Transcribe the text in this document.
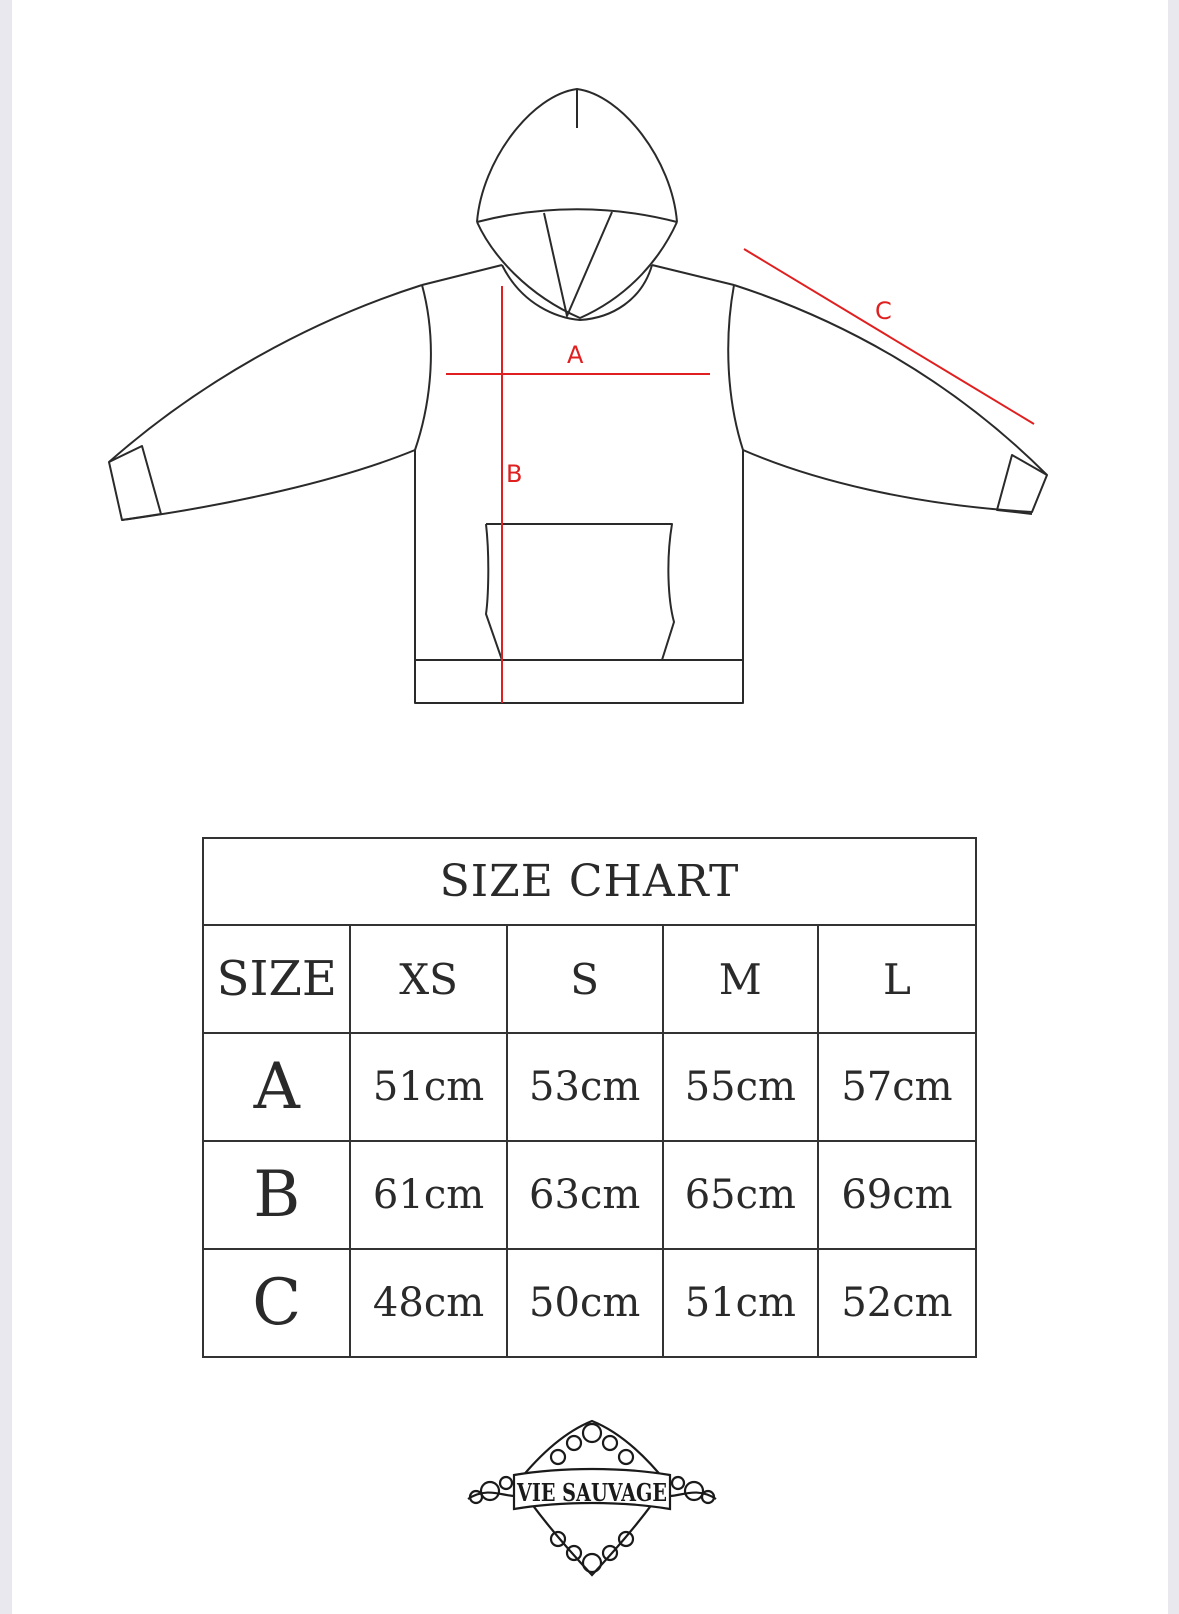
A
B
C
SIZE CHART				
SIZE	XS	S	M	L
A	51cm	53cm	55cm	57cm
B	61cm	63cm	65cm	69cm
C	48cm	50cm	51cm	52cm
VIE SAUVAGE
